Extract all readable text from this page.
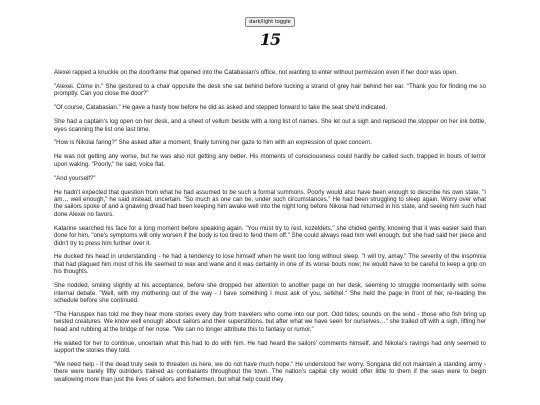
dark/light toggle
15

Alexei rapped a knuckle on the doorframe that opened into the Catabasian's office, not wanting to enter without permission even if her door was open.

"Alexei. Come in." She gestured to a chair opposite the desk she sat behind before tucking a strand of grey hair behind her ear. "Thank you for finding me so promptly. Can you close the door?"

"Of course, Catabasian." He gave a hasty bow before he did as asked and stepped forward to take the seat she'd indicated.

She had a captain's log open on her desk, and a sheet of vellum beside with a long list of names. She let out a sigh and replaced the stopper on her ink bottle, eyes scanning the list one last time.

"How is Nikolai faring?" She asked after a moment, finally turning her gaze to him with an expression of quiet concern.

He was not getting any worse, but he was also not getting any better. His moments of consciousness could hardly be called such, trapped in bouts of terror upon waking. "Poorly," he said, voice flat.

"And yourself?"

He hadn't expected that question from what he had assumed to be such a formal summons. Poorly would also have been enough to describe his own state. "I am… well enough," he said instead, uncertain. "So much as one can be, under such circumstances." He had been struggling to sleep again. Worry over what the sailors spoke of and a gnawing dread had been keeping him awake well into the night long before Nikolai had returned in his state, and seeing him such had done Alexei no favors.

Katarine searched his face for a long moment before speaking again. "You must try to rest, kozeldets," she chided gently, knowing that it was easier said than done for him, "one's symptoms will only worsen if the body is too tired to fend them off." She could always read him well enough, but she had said her piece and didn't try to press him further over it.

He ducked his head in understanding - he had a tendency to lose himself when he went too long without sleep. "I will try, amay." The severity of the insomnia that had plagued him most of his life seemed to wax and wane and it was certainly in one of its worse bouts now; he would have to be careful to keep a grip on his thoughts.

She nodded, smiling slightly at his acceptance, before she dropped her attention to another page on her desk, seeming to struggle momentarily with some internal debate. "Well, with my mothering out of the way - I have something I must ask of you, setkhel." She held the page in front of her, re-reading the schedule before she continued.

"The Haruspex has told me they hear more stories every day from travelers who come into our port. Odd tides, sounds on the wind - those who fish bring up twisted creatures. We know well enough about sailors and their superstitions, but after what we have seen for ourselves…" she trailed off with a sigh, lifting her head and rubbing at the bridge of her nose. "We can no longer attribute this to fantasy or rumor."

He waited for her to continue, uncertain what this had to do with him. He had heard the sailors' comments himself, and Nikolai's ravings had only seemed to support the stories they told.

"We need help - if the dead truly seek to threaten us here, we do not have much hope." He understood her worry. Songana did not maintain a standing army - there were barely fifty outriders trained as combatants throughout the town. The nation's capital city would offer little to them if the seas were to begin swallowing more than just the lives of sailors and fishermen, but what help could they
